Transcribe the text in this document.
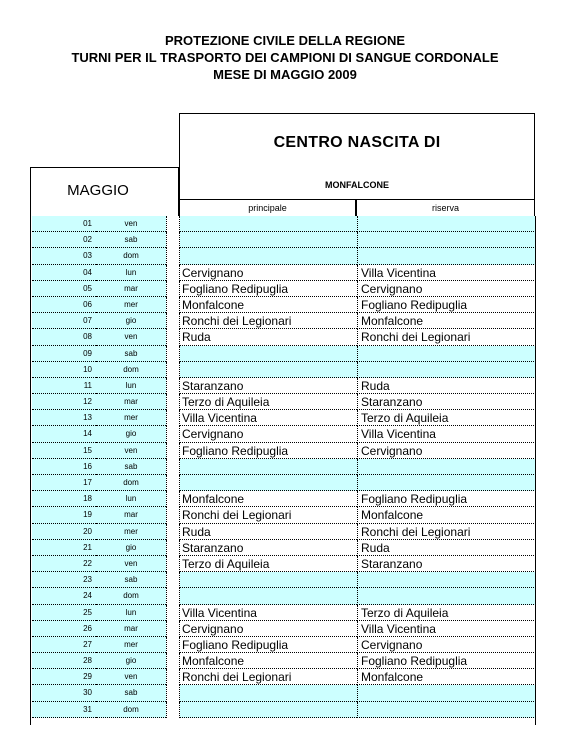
PROTEZIONE CIVILE DELLA REGIONE
TURNI PER IL TRASPORTO DEI CAMPIONI DI SANGUE CORDONALE
MESE DI MAGGIO 2009
CENTRO NASCITA DI
MONFALCONE
MAGGIO
principale	riserva
01	ven
02	sab
03	dom
04	lun	Cervignano	Villa Vicentina
05	mar	Fogliano Redipuglia	Cervignano
06	mer	Monfalcone	Fogliano Redipuglia
07	gio	Ronchi dei Legionari	Monfalcone
08	ven	Ruda	Ronchi dei Legionari
09	sab
10	dom
11	lun	Staranzano	Ruda
12	mar	Terzo di Aquileia	Staranzano
13	mer	Villa Vicentina	Terzo di Aquileia
14	gio	Cervignano	Villa Vicentina
15	ven	Fogliano Redipuglia	Cervignano
16	sab
17	dom
18	lun	Monfalcone	Fogliano Redipuglia
19	mar	Ronchi dei Legionari	Monfalcone
20	mer	Ruda	Ronchi dei Legionari
21	gio	Staranzano	Ruda
22	ven	Terzo di Aquileia	Staranzano
23	sab
24	dom
25	lun	Villa Vicentina	Terzo di Aquileia
26	mar	Cervignano	Villa Vicentina
27	mer	Fogliano Redipuglia	Cervignano
28	gio	Monfalcone	Fogliano Redipuglia
29	ven	Ronchi dei Legionari	Monfalcone
30	sab
31	dom
